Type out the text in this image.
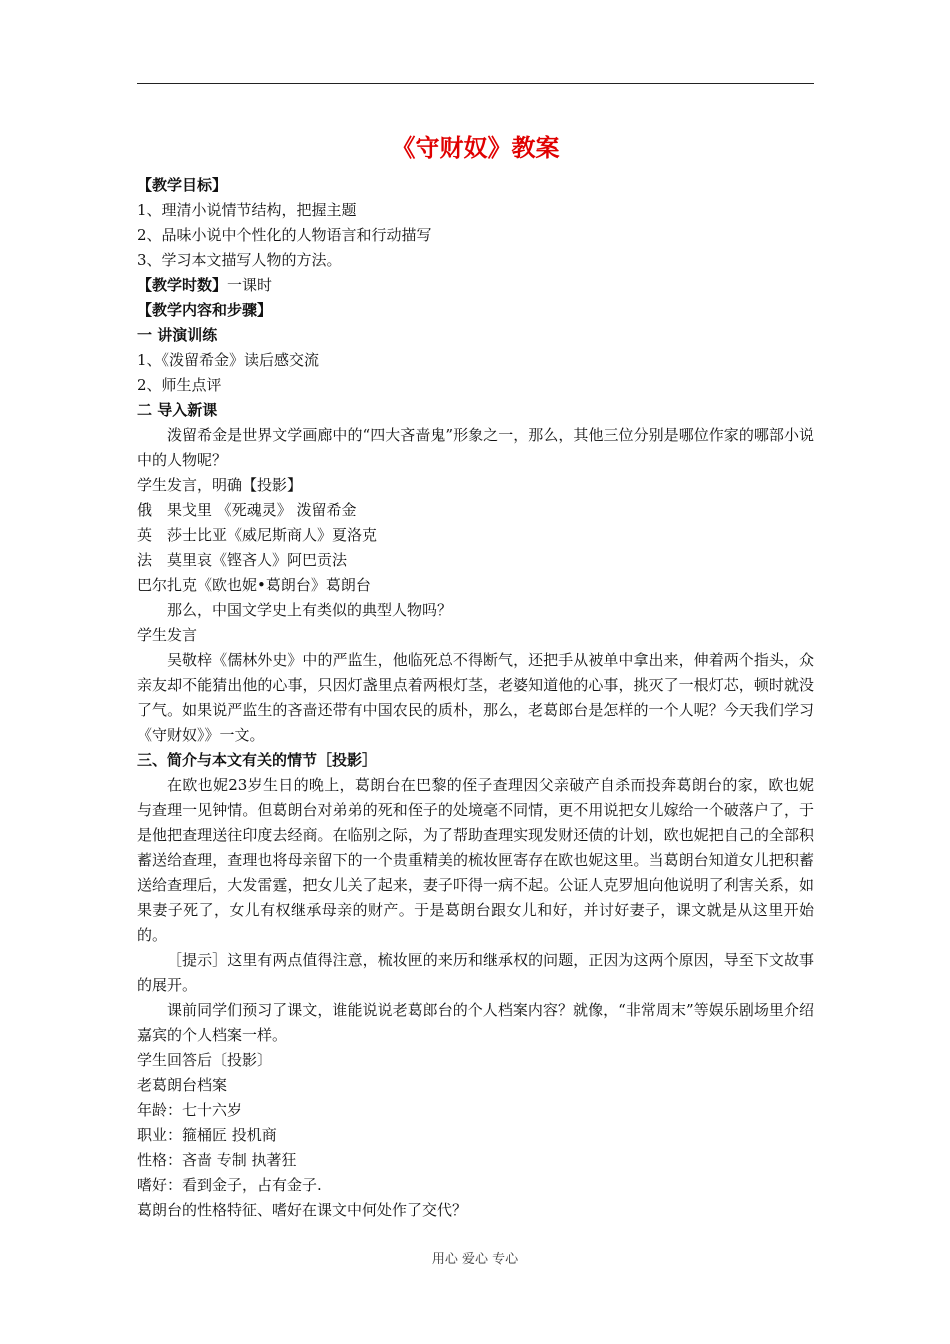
《守财奴》教案

【教学目标】

1、理清小说情节结构，把握主题

2、品味小说中个性化的人物语言和行动描写

3、学习本文描写人物的方法。

【教学时数】一课时

【教学内容和步骤】

一 讲演训练

1、《泼留希金》读后感交流

2、师生点评

二 导入新课

泼留希金是世界文学画廊中的“四大吝啬鬼”形象之一，那么，其他三位分别是哪位作家的哪部小说中的人物呢？

学生发言，明确【投影】

俄　果戈里 《死魂灵》 泼留希金

英　莎士比亚《威尼斯商人》夏洛克

法　莫里哀《铿吝人》阿巴贡法

巴尔扎克《欧也妮•葛朗台》葛朗台

那么，中国文学史上有类似的典型人物吗？

学生发言

吴敬梓《儒林外史》中的严监生，他临死总不得断气，还把手从被单中拿出来，伸着两个指头，众亲友却不能猜出他的心事，只因灯盏里点着两根灯茎，老婆知道他的心事，挑灭了一根灯芯，顿时就没了气。如果说严监生的吝啬还带有中国农民的质朴，那么，老葛郎台是怎样的一个人呢？今天我们学习《守财奴》》一文。

三、简介与本文有关的情节［投影］

在欧也妮23岁生日的晚上，葛朗台在巴黎的侄子查理因父亲破产自杀而投奔葛朗台的家，欧也妮与查理一见钟情。但葛朗台对弟弟的死和侄子的处境毫不同情，更不用说把女儿嫁给一个破落户了，于是他把查理送往印度去经商。在临别之际，为了帮助查理实现发财还债的计划，欧也妮把自己的全部积蓄送给查理，查理也将母亲留下的一个贵重精美的梳妆匣寄存在欧也妮这里。当葛朗台知道女儿把积蓄送给查理后，大发雷霆，把女儿关了起来，妻子吓得一病不起。公证人克罗旭向他说明了利害关系，如果妻子死了，女儿有权继承母亲的财产。于是葛朗台跟女儿和好，并讨好妻子，课文就是从这里开始的。

［提示］这里有两点值得注意，梳妆匣的来历和继承权的问题，正因为这两个原因，导至下文故事的展开。

课前同学们预习了课文，谁能说说老葛郎台的个人档案内容？就像，“非常周末”等娱乐剧场里介绍嘉宾的个人档案一样。

学生回答后〔投影〕

老葛朗台档案

年龄：七十六岁

职业：箍桶匠 投机商

性格：吝啬 专制 执著狂

嗜好：看到金子，占有金子.

葛朗台的性格特征、嗜好在课文中何处作了交代？

用心 爱心 专心
